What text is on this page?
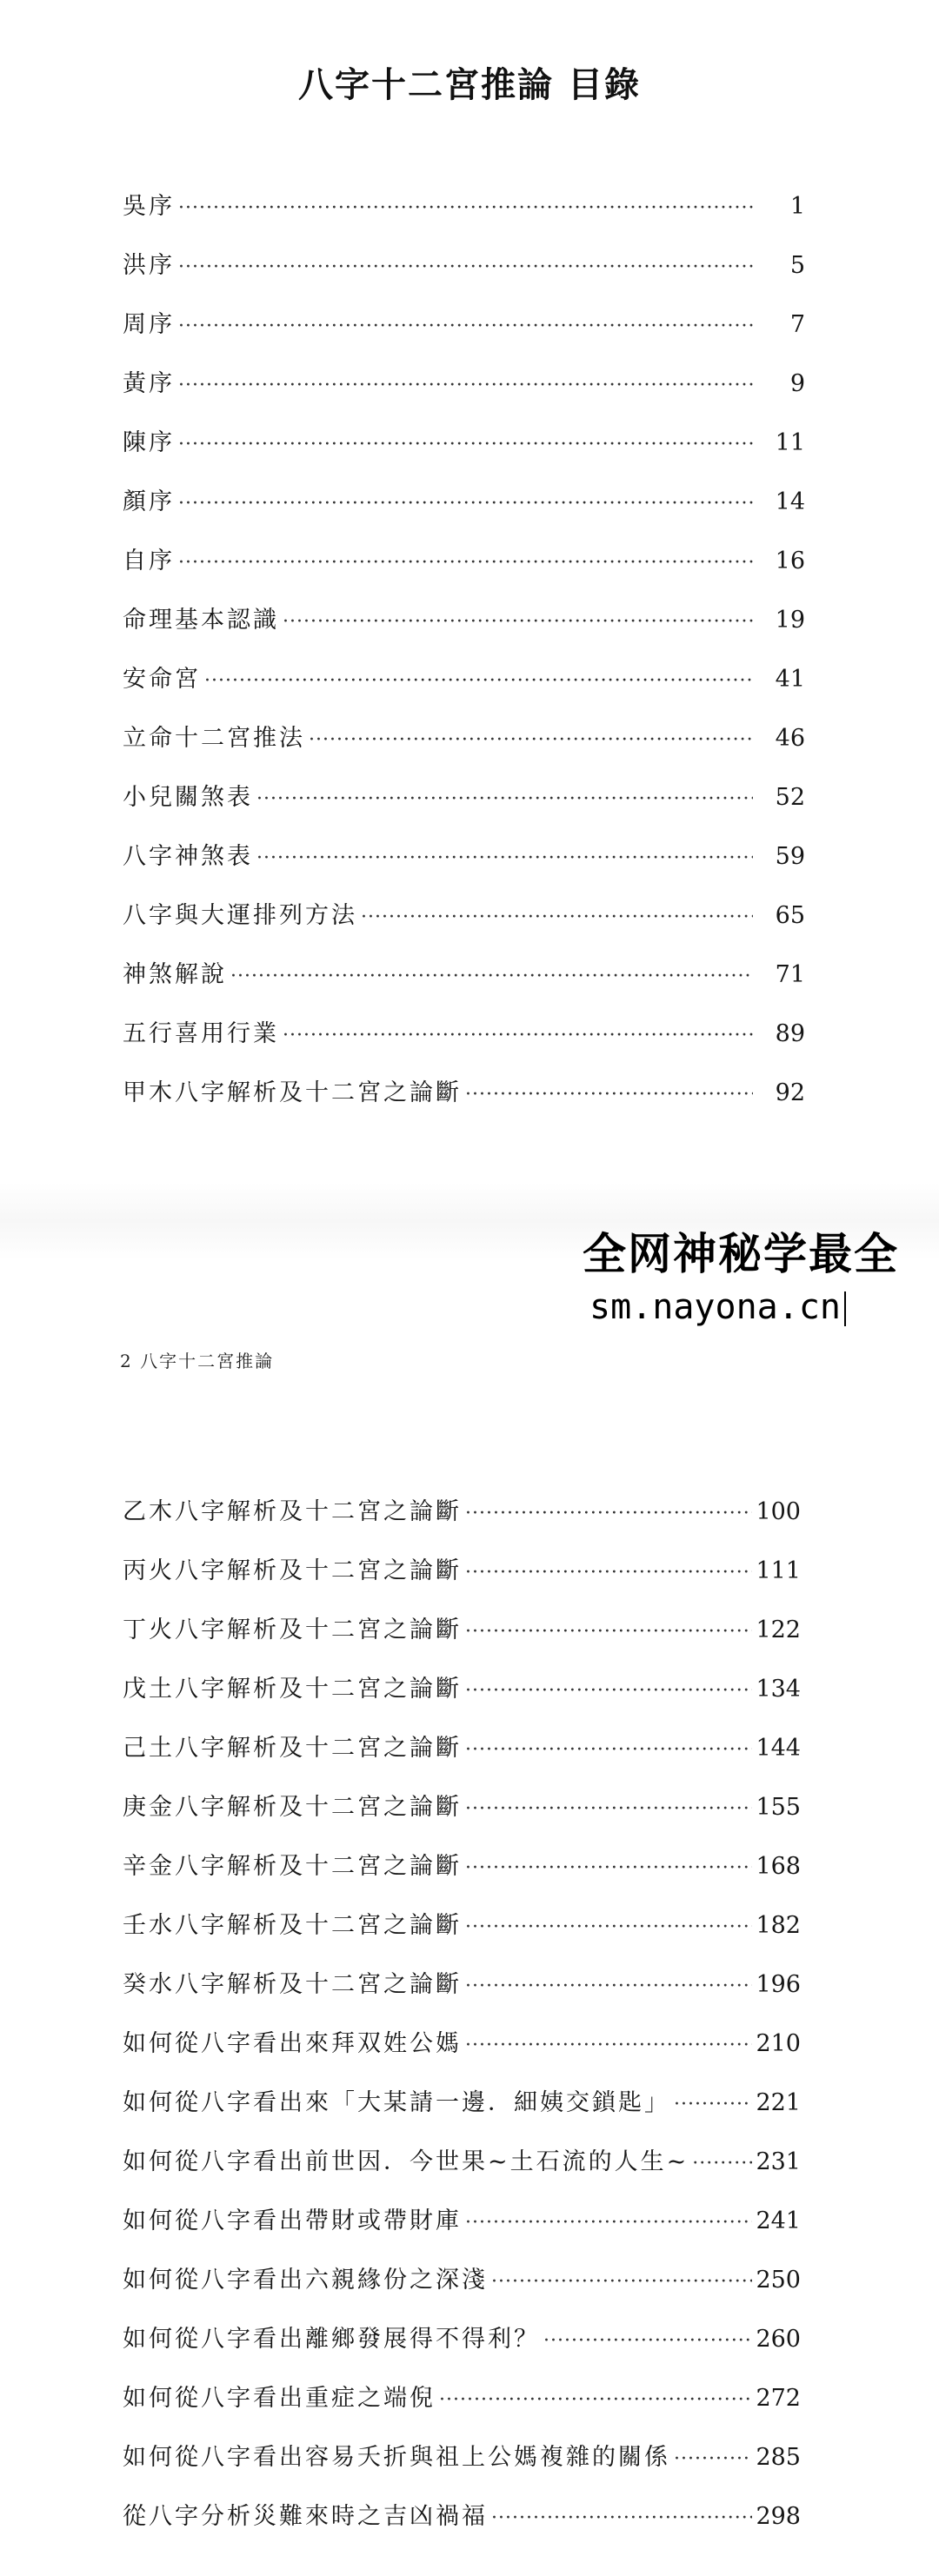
八字十二宮推論 目錄
吳序 ·····	1
洪序 ·····	5
周序 ·····	7
黃序 ·····	9
陳序 ·····	11
顏序 ·····	14
自序 ·····	16
命理基本認識 ·····	19
安命宮 ·····	41
立命十二宮推法 ·····	46
小兒關煞表 ·····	52
八字神煞表 ·····	59
八字與大運排列方法 ·····	65
神煞解說 ·····	71
五行喜用行業 ·····	89
甲木八字解析及十二宮之論斷 ·····	92
全网神秘学最全
sm.nayona.cn
2 八字十二宮推論
乙木八字解析及十二宮之論斷 ·····	100
丙火八字解析及十二宮之論斷 ·····	111
丁火八字解析及十二宮之論斷 ·····	122
戊土八字解析及十二宮之論斷 ·····	134
己土八字解析及十二宮之論斷 ·····	144
庚金八字解析及十二宮之論斷 ·····	155
辛金八字解析及十二宮之論斷 ·····	168
壬水八字解析及十二宮之論斷 ·····	182
癸水八字解析及十二宮之論斷 ·····	196
如何從八字看出來拜双姓公媽 ·····	210
如何從八字看出來「大某請一邊．細姨交鎖匙」 ·····	221
如何從八字看出前世因．今世果~土石流的人生~ ·····	231
如何從八字看出帶財或帶財庫 ·····	241
如何從八字看出六親緣份之深淺 ·····	250
如何從八字看出離鄉發展得不得利？ ·····	260
如何從八字看出重症之端倪 ·····	272
如何從八字看出容易夭折與祖上公媽複雜的關係 ·····	285
從八字分析災難來時之吉凶禍福 ·····	298
